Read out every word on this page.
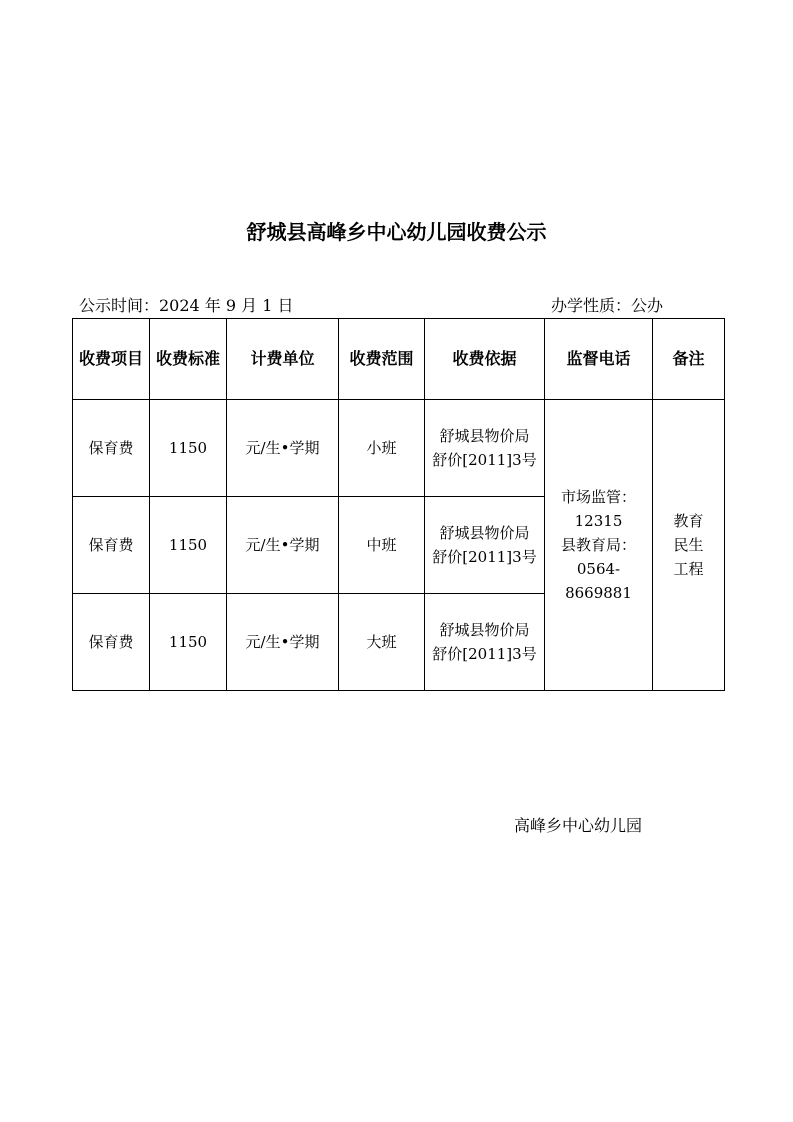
舒城县高峰乡中心幼儿园收费公示
公示时间：2024 年 9 月 1 日	办学性质：公办
收费项目	收费标准	计费单位	收费范围	收费依据	监督电话	备注
保育费	1150	元/生•学期	小班	舒城县物价局
舒价[2011]3号	市场监管：
12315
县教育局：
0564-
8669881	教育
民生
工程

保育费	1150	元/生•学期	中班	舒城县物价局
舒价[2011]3号		

保育费	1150	元/生•学期	大班	舒城县物价局
舒价[2011]3号		
高峰乡中心幼儿园
